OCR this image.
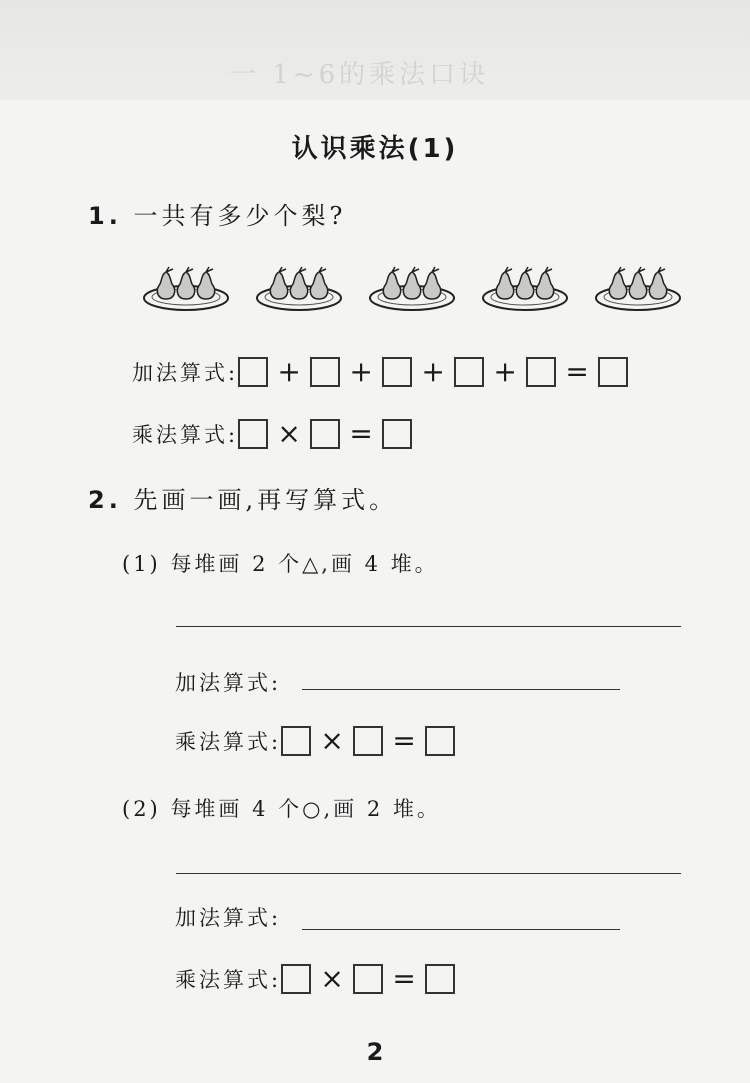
一 1~6的乘法口诀
认识乘法(1)
1. 一共有多少个梨?
加法算式:	+	+	+	+	=
乘法算式:	×	=
2. 先画一画,再写算式。
(1) 每堆画 2 个△,画 4 堆。
加法算式:
乘法算式:	×	=
(2) 每堆画 4 个○,画 2 堆。
加法算式:
乘法算式:	×	=
2
